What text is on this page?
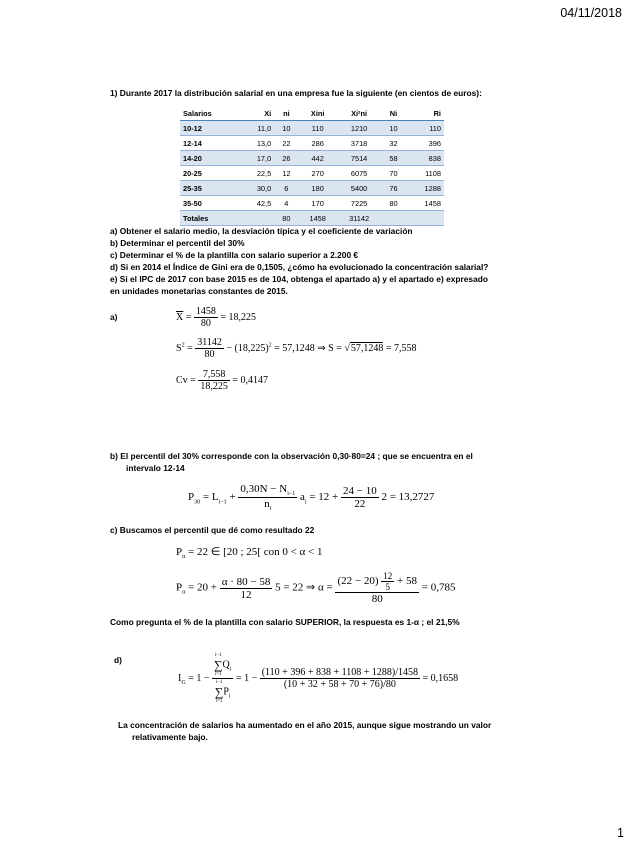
04/11/2018
1) Durante 2017 la distribución salarial en una empresa fue la siguiente (en cientos de euros):
Salarios	Xi	ni	Xini	Xi²ni	Ni	Ri
10-12	11,0	10	110	1210	10	110
12-14	13,0	22	286	3718	32	396
14-20	17,0	26	442	7514	58	838
20-25	22,5	12	270	6075	70	1108
25-35	30,0	6	180	5400	76	1288
35-50	42,5	4	170	7225	80	1458
Totales		80	1458	31142		
a) Obtener el salario medio, la desviación típica y el coeficiente de variación
b) Determinar el percentil del 30%
c) Determinar el % de la plantilla con salario superior a 2.200 €
d) Si en 2014 el Índice de Gini era de 0,1505, ¿cómo ha evolucionado la concentración salarial?
e) Si el IPC de 2017 con base 2015 es de 104, obtenga el apartado a) y el apartado e) expresado
en unidades monetarias constantes de 2015.
a)	$\overline{X} = \frac{1458}{80} = 18,225$
$S^2 = \frac{31142}{80} - (18,225)^2 = 57,1248$ ⇒ S = √57,1248 = 7,558
$Cv = \frac{7,558}{18,225} = 0,4147$
b) El percentil del 30% corresponde con la observación 0,30·80=24 ; que se encuentra en el
intervalo 12-14
$P_{30} = L_{i-1} + \frac{0,30N - N_{i-1}}{n_i} a_i = 12 + \frac{24 - 10}{22} 2 = 13,2727$
c) Buscamos el percentil que dé como resultado 22
$P_\alpha = 22$ ∈ [20 ; 25[ con 0 < α < 1
$P_\alpha = 20 + \frac{\alpha \cdot 80 - 58}{12} 5 = 22$ ⇒ $\alpha = \frac{(22 - 20) \frac{12}{5} + 58}{80} = 0,785$
Como pregunta el % de la plantilla con salario SUPERIOR, la respuesta es 1-α ; el 21,5%
d)
$I_G = 1 - i-1$
∑
i=1
$Q_i$
i−1
∑
i=1
$P_i = 1 - \frac{(110 + 396 + 838 + 1108 + 1288)/1458}{(10 + 32 + 58 + 70 + 76)/80} = 0,1658$
La concentración de salarios ha aumentado en el año 2015, aunque sigue mostrando un valor
relativamente bajo.
1
